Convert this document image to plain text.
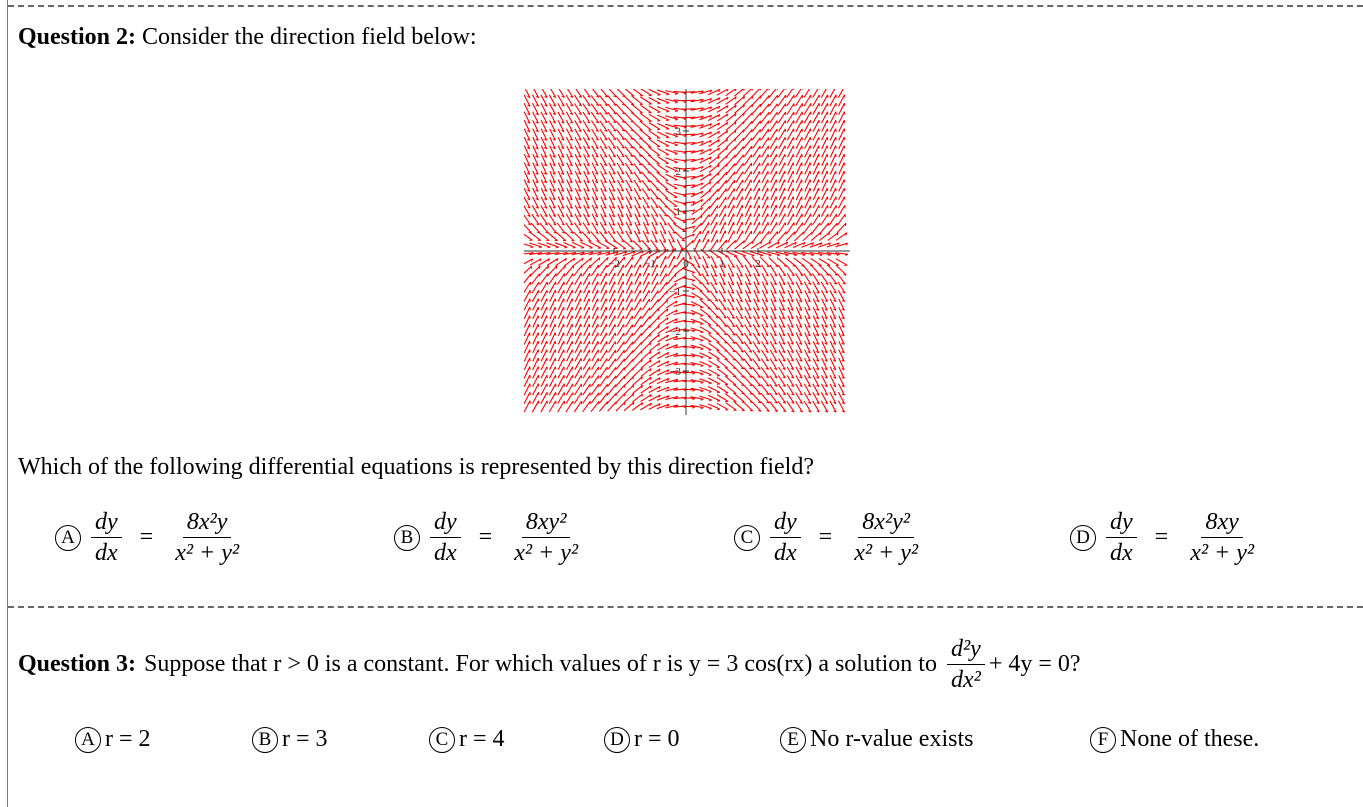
Question 2: Consider the direction field below:
−2 −1 0	1	2
3
2
1
−1
−2
−3
Which of the following differential equations is represented by this direction field?
A $\frac{dy}{dx} = \frac{\text{8x²y}}{\text{x² + y²}}$	B $\frac{dy}{dx} = \frac{\text{8xy²}}{\text{x² + y²}}$	C $\frac{dy}{dx} = \frac{\text{8x²y²}}{\text{x² + y²}}$	D $\frac{dy}{dx} = \frac{8xy}{\text{x² + y²}}$
Question 3: Suppose that r > 0 is a constant. For which values of r is y = 3 cos(rx) a solution to $\frac{\text{d²y}}{\text{dx²}} + 4y = 0$?
A r = 2	B r = 3	C r = 4	D r = 0	E No r-value exists	F None of these.
